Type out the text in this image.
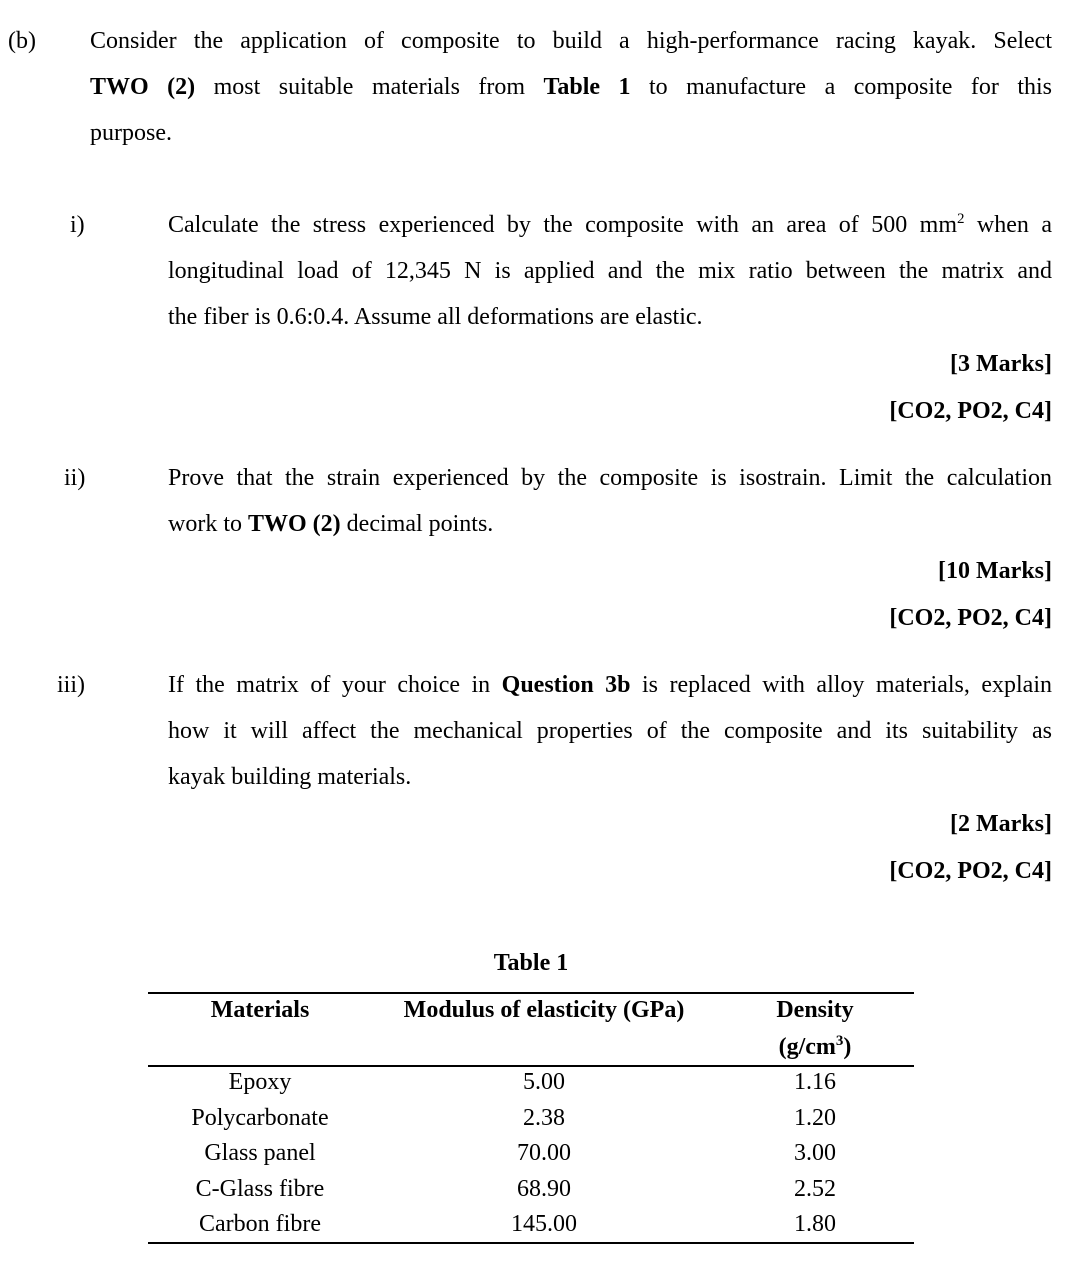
(b) Consider the application of composite to build a high-performance racing kayak. Select
TWO (2) most suitable materials from Table 1 to manufacture a composite for this
purpose.
i)	Calculate the stress experienced by the composite with an area of 500 $mm^2$ when a
longitudinal load of 12,345 N is applied and the mix ratio between the matrix and
the fiber is 0.6:0.4. Assume all deformations are elastic.
[3 Marks]
[CO2, PO2, C4]
ii)	Prove that the strain experienced by the composite is isostrain. Limit the calculation
work to TWO (2) decimal points.
[10 Marks]
[CO2, PO2, C4]
iii)	If the matrix of your choice in Question 3b is replaced with alloy materials, explain
how it will affect the mechanical properties of the composite and its suitability as
kayak building materials.
[2 Marks]
[CO2, PO2, C4]
Table 1
Materials	Modulus of elasticity (GPa)	Density
$(g/cm^3)$
Epoxy	5.00	1.16
Polycarbonate	2.38	1.20
Glass panel	70.00	3.00
C-Glass fibre	68.90	2.52
Carbon fibre	145.00	1.80
